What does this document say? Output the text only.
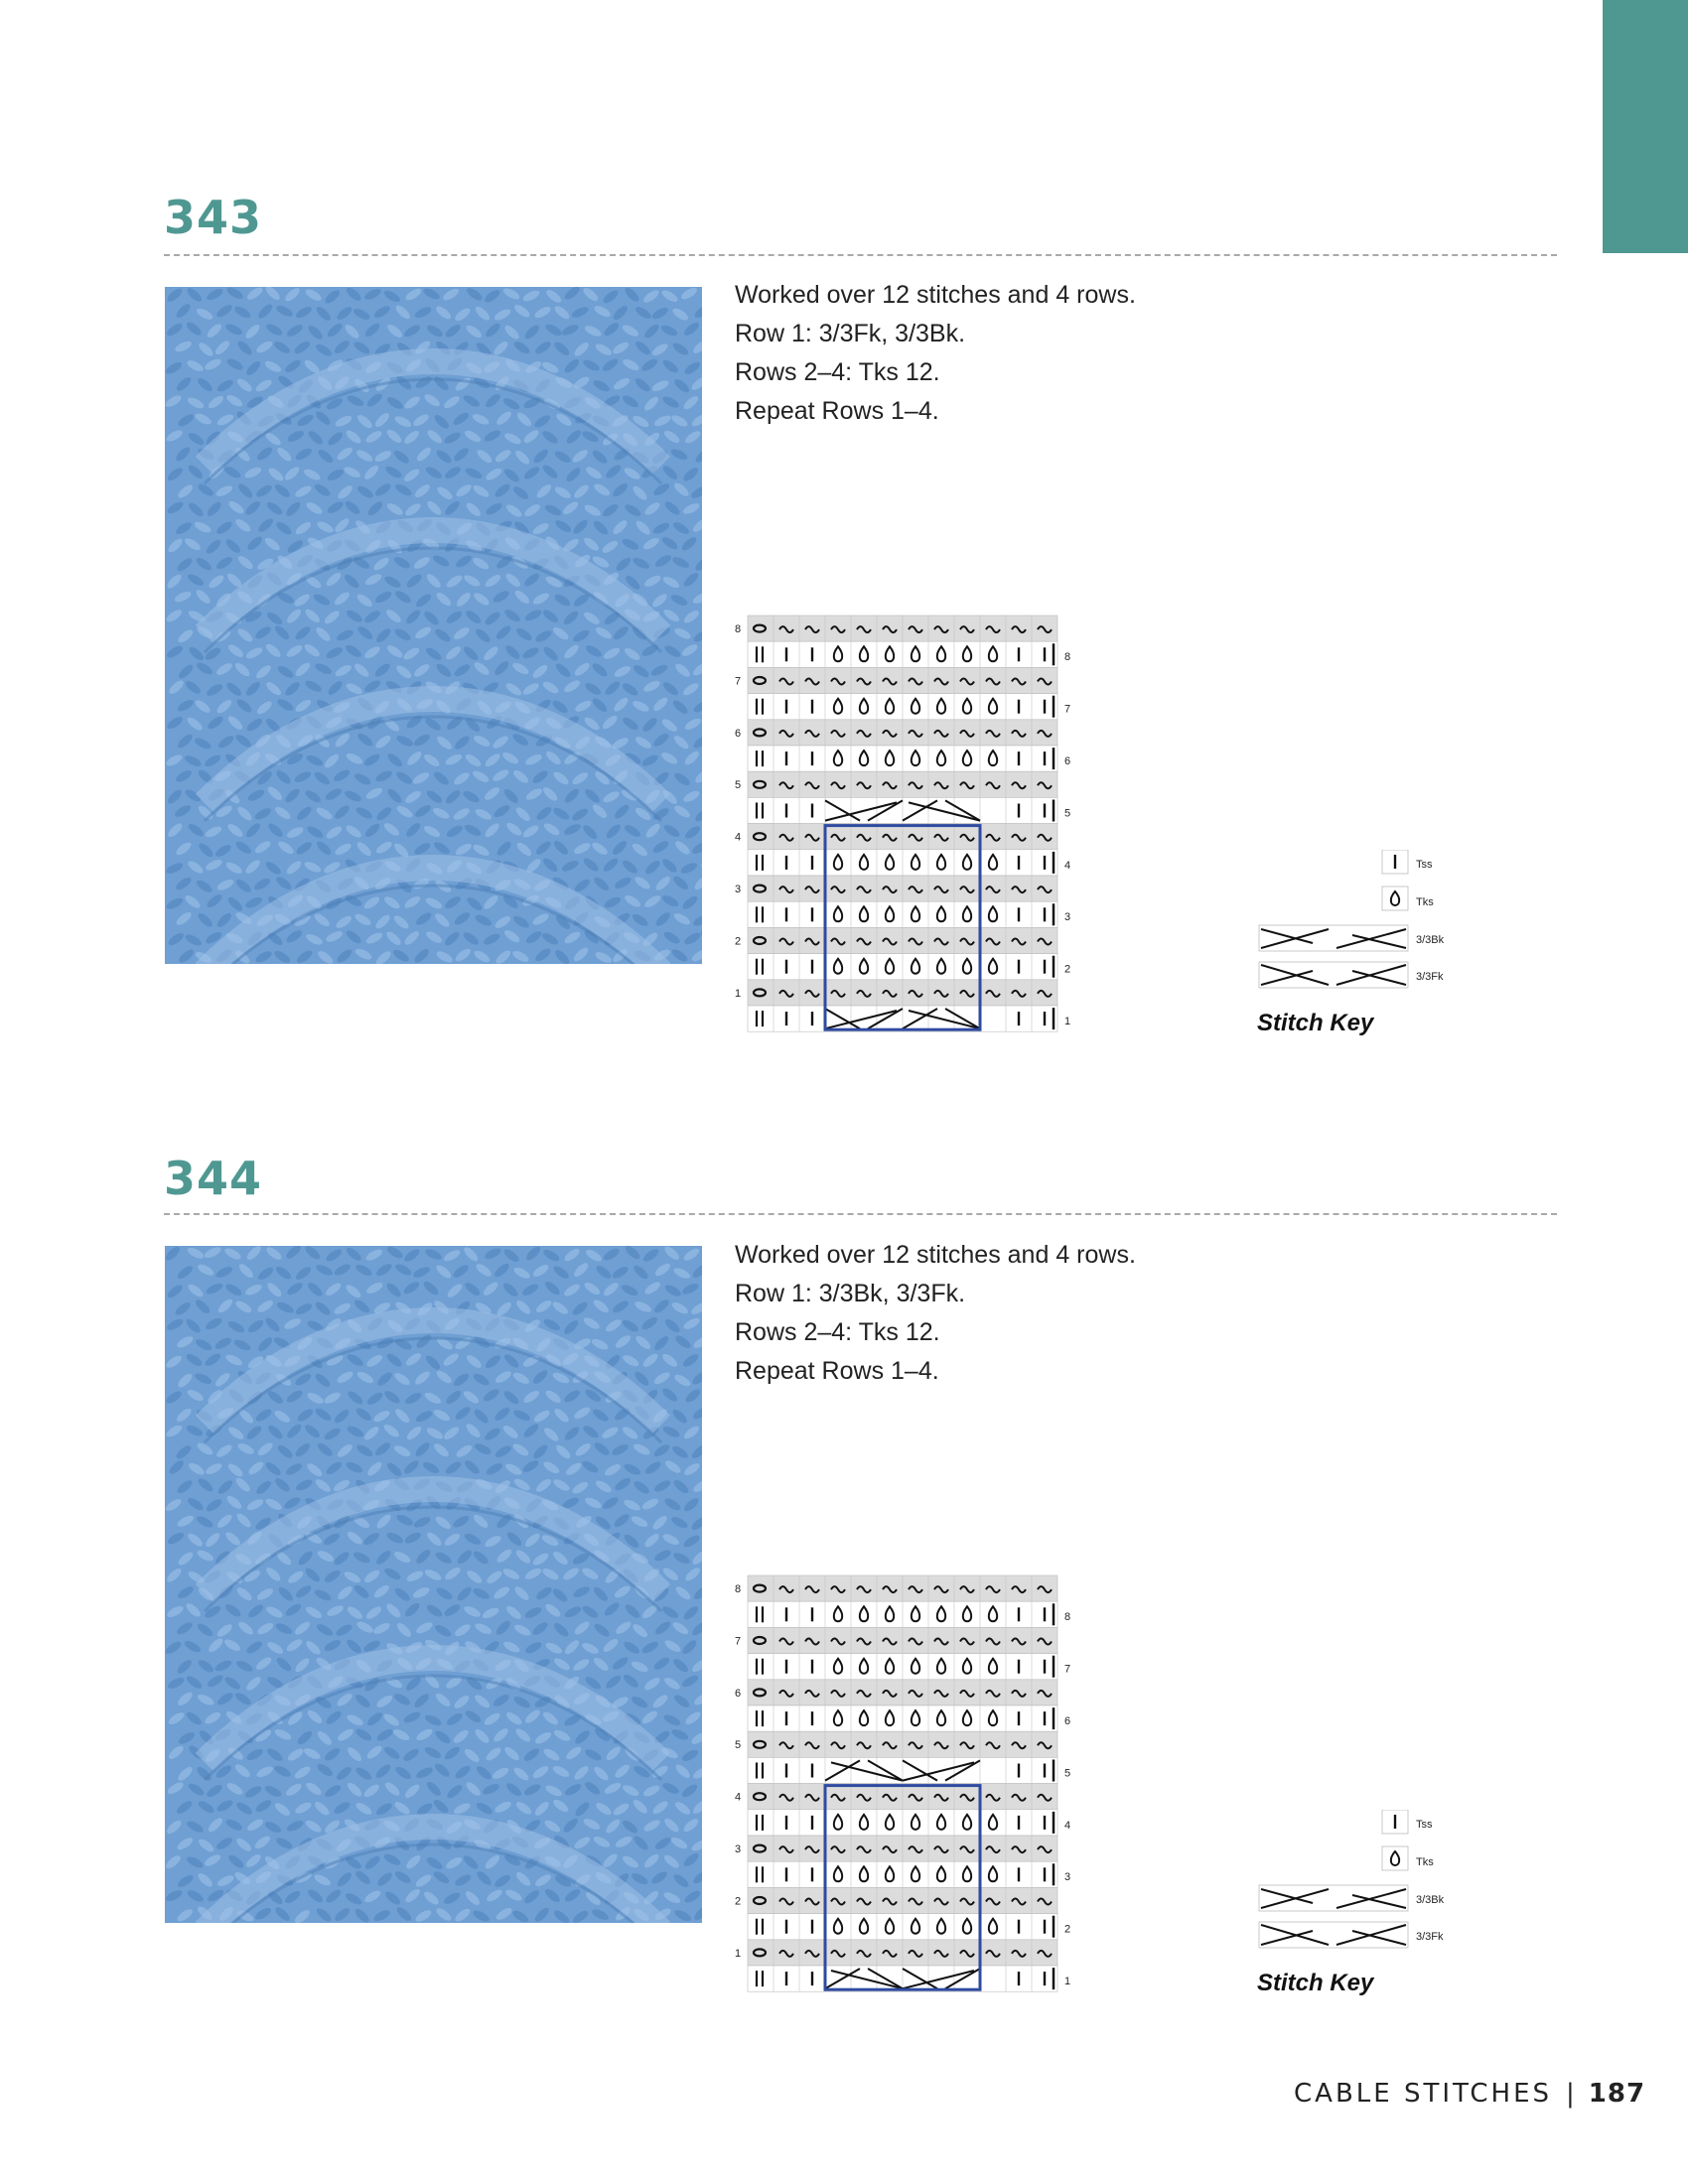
343
Worked over 12 stitches and 4 rows.
Row 1: 3/3Fk, 3/3Bk.
Rows 2–4: Tks 12.
Repeat Rows 1–4.
8
8
7
7
6
6
5
5
4
4
3
3
2
2
1
1
Tss
Tks
3/3Bk
3/3Fk
Stitch Key
344
Worked over 12 stitches and 4 rows.
Row 1: 3/3Bk, 3/3Fk.
Rows 2–4: Tks 12.
Repeat Rows 1–4.
8
8
7
7
6
6
5
5
4
4
3
3
2
2
1
1
Tss
Tks
3/3Bk
3/3Fk
Stitch Key
CABLE STITCHES | 187
